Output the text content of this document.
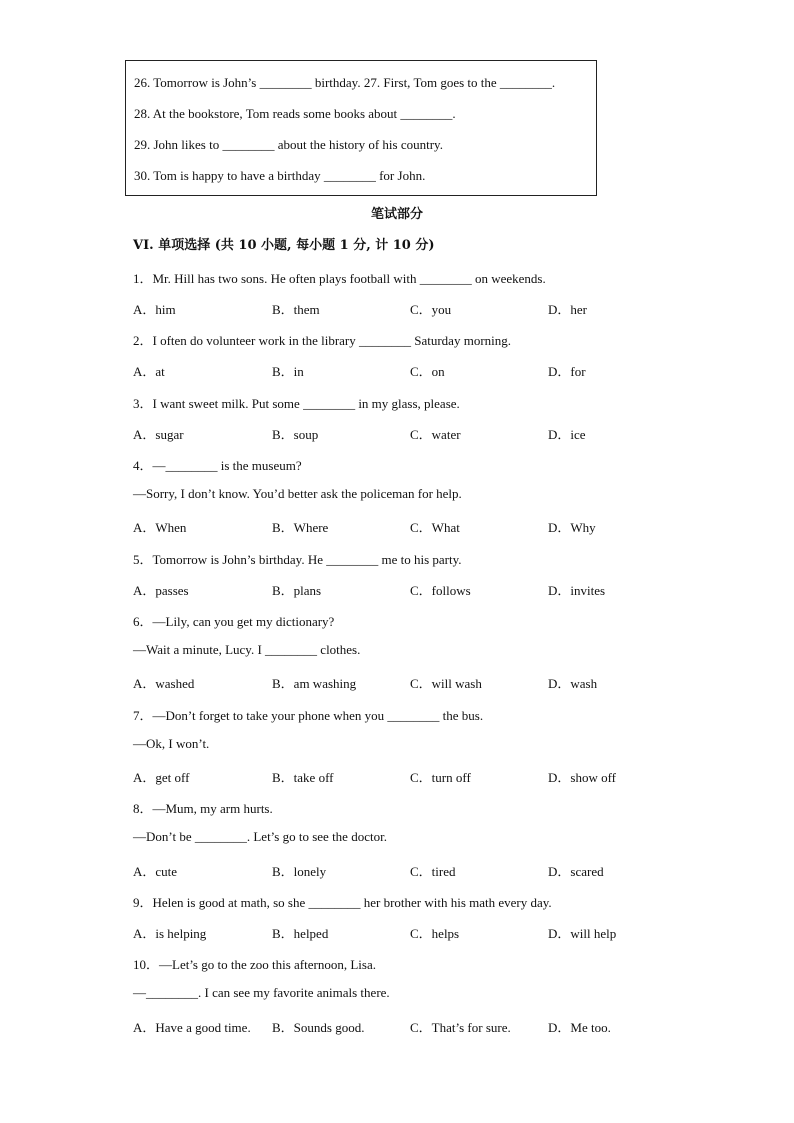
26. Tomorrow is John’s ________ birthday. 27. First, Tom goes to the ________.
28. At the bookstore, Tom reads some books about ________.
29. John likes to ________ about the history of his country.
30. Tom is happy to have a birthday ________ for John.
笔试部分
VI. 单项选择 (共 10 小题, 每小题 1 分, 计 10 分)
1．Mr. Hill has two sons. He often plays football with ________ on weekends.
A．him	B．them	C．you	D．her
2．I often do volunteer work in the library ________ Saturday morning.
A．at	B．in	C．on	D．for
3．I want sweet milk. Put some ________ in my glass, please.
A．sugar	B．soup	C．water	D．ice
4．—________ is the museum?
—Sorry, I don’t know. You’d better ask the policeman for help.
A．When	B．Where	C．What	D．Why
5．Tomorrow is John’s birthday. He ________ me to his party.
A．passes	B．plans	C．follows	D．invites
6．—Lily, can you get my dictionary?
—Wait a minute, Lucy. I ________ clothes.
A．washed	B．am washing	C．will wash	D．wash
7．—Don’t forget to take your phone when you ________ the bus.
—Ok, I won’t.
A．get off	B．take off	C．turn off	D．show off
8．—Mum, my arm hurts.
—Don’t be ________. Let’s go to see the doctor.
A．cute	B．lonely	C．tired	D．scared
9．Helen is good at math, so she ________ her brother with his math every day.
A．is helping	B．helped	C．helps	D．will help
10．—Let’s go to the zoo this afternoon, Lisa.
—________. I can see my favorite animals there.
A．Have a good time. B．Sounds good.	C．That’s for sure.	D．Me too.
